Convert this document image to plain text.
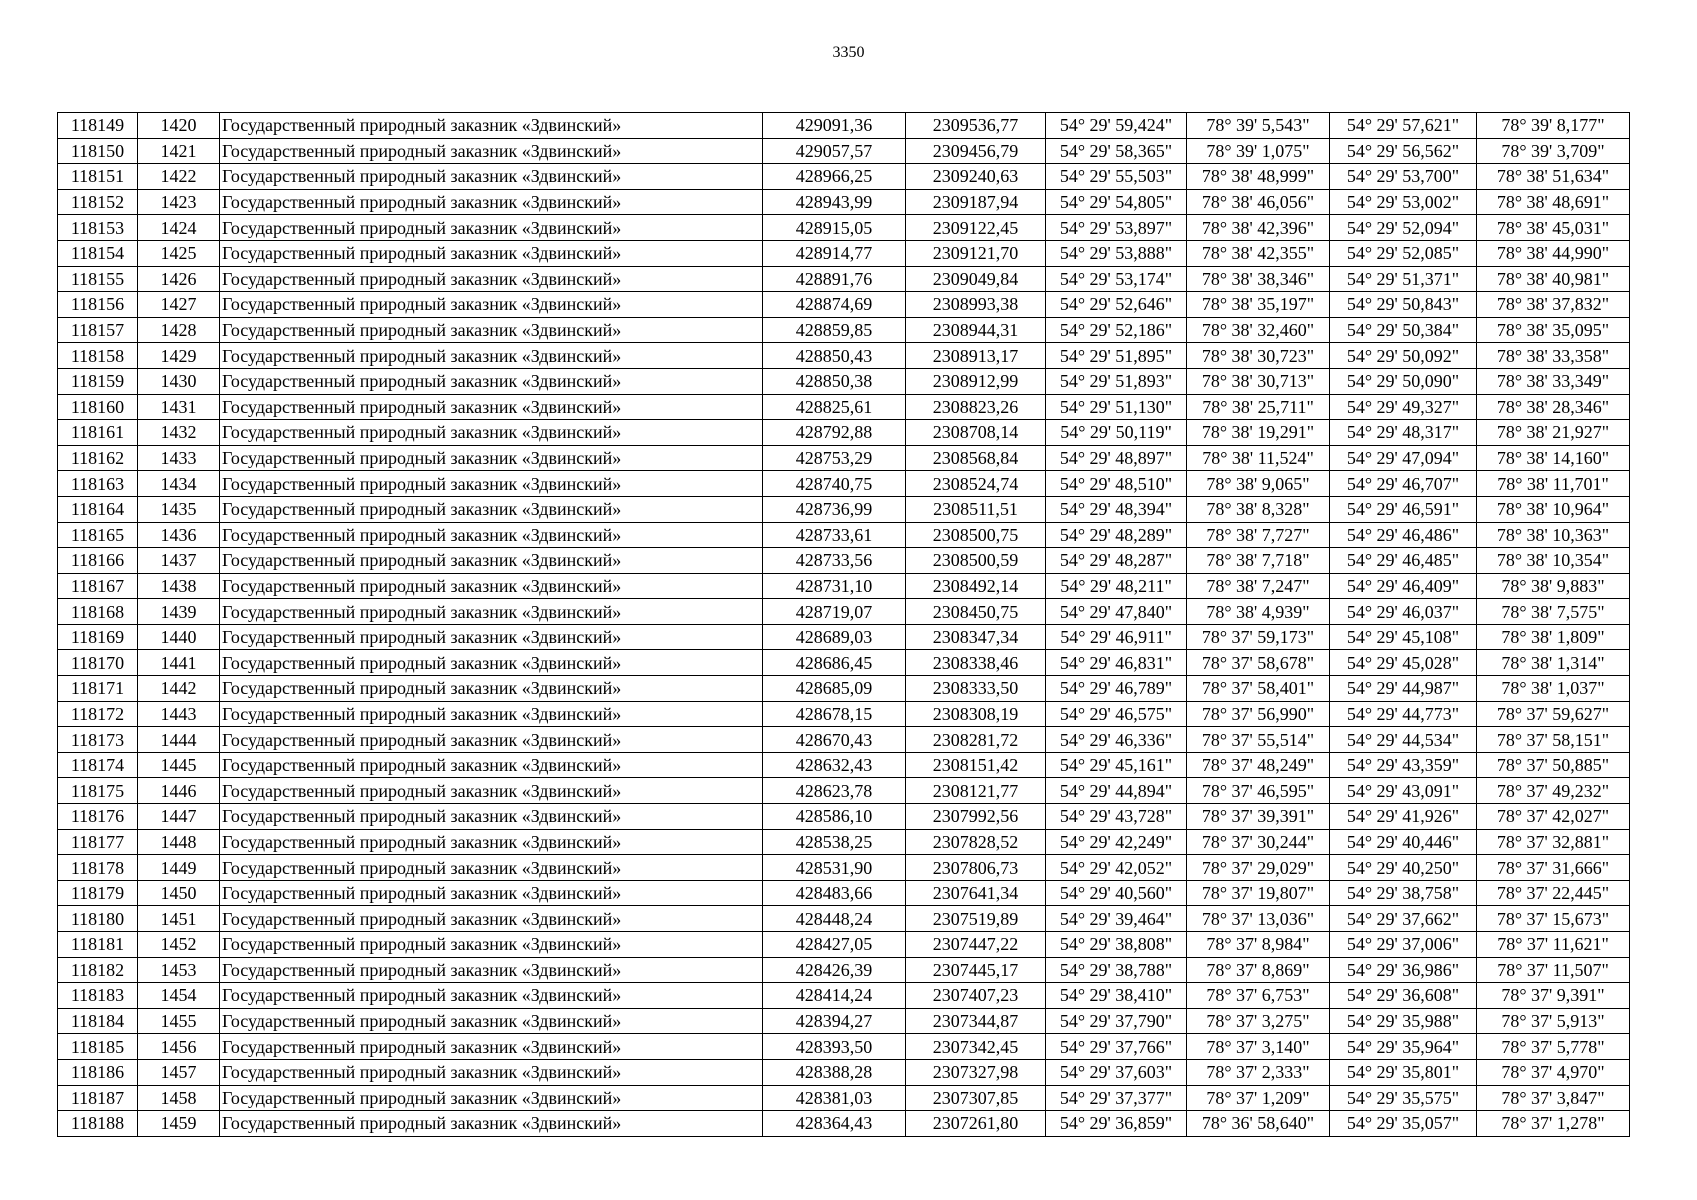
3350
118149	1420	Государственный природный заказник «Здвинский»	429091,36	2309536,77	54° 29' 59,424"	78° 39' 5,543"	54° 29' 57,621"	78° 39' 8,177"
118150	1421	Государственный природный заказник «Здвинский»	429057,57	2309456,79	54° 29' 58,365"	78° 39' 1,075"	54° 29' 56,562"	78° 39' 3,709"
118151	1422	Государственный природный заказник «Здвинский»	428966,25	2309240,63	54° 29' 55,503"	78° 38' 48,999"	54° 29' 53,700"	78° 38' 51,634"
118152	1423	Государственный природный заказник «Здвинский»	428943,99	2309187,94	54° 29' 54,805"	78° 38' 46,056"	54° 29' 53,002"	78° 38' 48,691"
118153	1424	Государственный природный заказник «Здвинский»	428915,05	2309122,45	54° 29' 53,897"	78° 38' 42,396"	54° 29' 52,094"	78° 38' 45,031"
118154	1425	Государственный природный заказник «Здвинский»	428914,77	2309121,70	54° 29' 53,888"	78° 38' 42,355"	54° 29' 52,085"	78° 38' 44,990"
118155	1426	Государственный природный заказник «Здвинский»	428891,76	2309049,84	54° 29' 53,174"	78° 38' 38,346"	54° 29' 51,371"	78° 38' 40,981"
118156	1427	Государственный природный заказник «Здвинский»	428874,69	2308993,38	54° 29' 52,646"	78° 38' 35,197"	54° 29' 50,843"	78° 38' 37,832"
118157	1428	Государственный природный заказник «Здвинский»	428859,85	2308944,31	54° 29' 52,186"	78° 38' 32,460"	54° 29' 50,384"	78° 38' 35,095"
118158	1429	Государственный природный заказник «Здвинский»	428850,43	2308913,17	54° 29' 51,895"	78° 38' 30,723"	54° 29' 50,092"	78° 38' 33,358"
118159	1430	Государственный природный заказник «Здвинский»	428850,38	2308912,99	54° 29' 51,893"	78° 38' 30,713"	54° 29' 50,090"	78° 38' 33,349"
118160	1431	Государственный природный заказник «Здвинский»	428825,61	2308823,26	54° 29' 51,130"	78° 38' 25,711"	54° 29' 49,327"	78° 38' 28,346"
118161	1432	Государственный природный заказник «Здвинский»	428792,88	2308708,14	54° 29' 50,119"	78° 38' 19,291"	54° 29' 48,317"	78° 38' 21,927"
118162	1433	Государственный природный заказник «Здвинский»	428753,29	2308568,84	54° 29' 48,897"	78° 38' 11,524"	54° 29' 47,094"	78° 38' 14,160"
118163	1434	Государственный природный заказник «Здвинский»	428740,75	2308524,74	54° 29' 48,510"	78° 38' 9,065"	54° 29' 46,707"	78° 38' 11,701"
118164	1435	Государственный природный заказник «Здвинский»	428736,99	2308511,51	54° 29' 48,394"	78° 38' 8,328"	54° 29' 46,591"	78° 38' 10,964"
118165	1436	Государственный природный заказник «Здвинский»	428733,61	2308500,75	54° 29' 48,289"	78° 38' 7,727"	54° 29' 46,486"	78° 38' 10,363"
118166	1437	Государственный природный заказник «Здвинский»	428733,56	2308500,59	54° 29' 48,287"	78° 38' 7,718"	54° 29' 46,485"	78° 38' 10,354"
118167	1438	Государственный природный заказник «Здвинский»	428731,10	2308492,14	54° 29' 48,211"	78° 38' 7,247"	54° 29' 46,409"	78° 38' 9,883"
118168	1439	Государственный природный заказник «Здвинский»	428719,07	2308450,75	54° 29' 47,840"	78° 38' 4,939"	54° 29' 46,037"	78° 38' 7,575"
118169	1440	Государственный природный заказник «Здвинский»	428689,03	2308347,34	54° 29' 46,911"	78° 37' 59,173"	54° 29' 45,108"	78° 38' 1,809"
118170	1441	Государственный природный заказник «Здвинский»	428686,45	2308338,46	54° 29' 46,831"	78° 37' 58,678"	54° 29' 45,028"	78° 38' 1,314"
118171	1442	Государственный природный заказник «Здвинский»	428685,09	2308333,50	54° 29' 46,789"	78° 37' 58,401"	54° 29' 44,987"	78° 38' 1,037"
118172	1443	Государственный природный заказник «Здвинский»	428678,15	2308308,19	54° 29' 46,575"	78° 37' 56,990"	54° 29' 44,773"	78° 37' 59,627"
118173	1444	Государственный природный заказник «Здвинский»	428670,43	2308281,72	54° 29' 46,336"	78° 37' 55,514"	54° 29' 44,534"	78° 37' 58,151"
118174	1445	Государственный природный заказник «Здвинский»	428632,43	2308151,42	54° 29' 45,161"	78° 37' 48,249"	54° 29' 43,359"	78° 37' 50,885"
118175	1446	Государственный природный заказник «Здвинский»	428623,78	2308121,77	54° 29' 44,894"	78° 37' 46,595"	54° 29' 43,091"	78° 37' 49,232"
118176	1447	Государственный природный заказник «Здвинский»	428586,10	2307992,56	54° 29' 43,728"	78° 37' 39,391"	54° 29' 41,926"	78° 37' 42,027"
118177	1448	Государственный природный заказник «Здвинский»	428538,25	2307828,52	54° 29' 42,249"	78° 37' 30,244"	54° 29' 40,446"	78° 37' 32,881"
118178	1449	Государственный природный заказник «Здвинский»	428531,90	2307806,73	54° 29' 42,052"	78° 37' 29,029"	54° 29' 40,250"	78° 37' 31,666"
118179	1450	Государственный природный заказник «Здвинский»	428483,66	2307641,34	54° 29' 40,560"	78° 37' 19,807"	54° 29' 38,758"	78° 37' 22,445"
118180	1451	Государственный природный заказник «Здвинский»	428448,24	2307519,89	54° 29' 39,464"	78° 37' 13,036"	54° 29' 37,662"	78° 37' 15,673"
118181	1452	Государственный природный заказник «Здвинский»	428427,05	2307447,22	54° 29' 38,808"	78° 37' 8,984"	54° 29' 37,006"	78° 37' 11,621"
118182	1453	Государственный природный заказник «Здвинский»	428426,39	2307445,17	54° 29' 38,788"	78° 37' 8,869"	54° 29' 36,986"	78° 37' 11,507"
118183	1454	Государственный природный заказник «Здвинский»	428414,24	2307407,23	54° 29' 38,410"	78° 37' 6,753"	54° 29' 36,608"	78° 37' 9,391"
118184	1455	Государственный природный заказник «Здвинский»	428394,27	2307344,87	54° 29' 37,790"	78° 37' 3,275"	54° 29' 35,988"	78° 37' 5,913"
118185	1456	Государственный природный заказник «Здвинский»	428393,50	2307342,45	54° 29' 37,766"	78° 37' 3,140"	54° 29' 35,964"	78° 37' 5,778"
118186	1457	Государственный природный заказник «Здвинский»	428388,28	2307327,98	54° 29' 37,603"	78° 37' 2,333"	54° 29' 35,801"	78° 37' 4,970"
118187	1458	Государственный природный заказник «Здвинский»	428381,03	2307307,85	54° 29' 37,377"	78° 37' 1,209"	54° 29' 35,575"	78° 37' 3,847"
118188	1459	Государственный природный заказник «Здвинский»	428364,43	2307261,80	54° 29' 36,859"	78° 36' 58,640"	54° 29' 35,057"	78° 37' 1,278"
